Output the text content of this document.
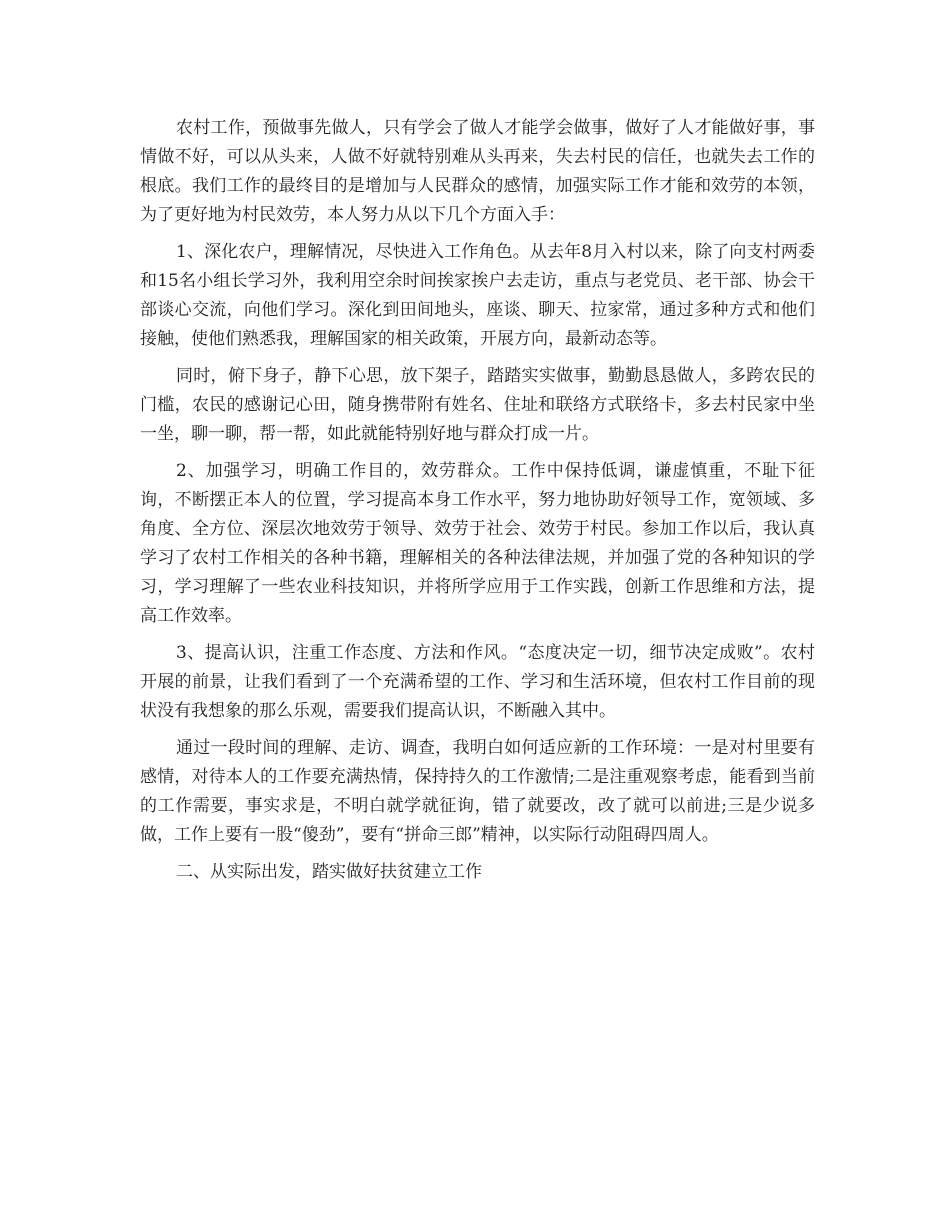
农村工作，预做事先做人，只有学会了做人才能学会做事，做好了人才能做好事，事情做不好，可以从头来，人做不好就特别难从头再来，失去村民的信任，也就失去工作的根底。我们工作的最终目的是增加与人民群众的感情，加强实际工作才能和效劳的本领，为了更好地为村民效劳，本人努力从以下几个方面入手：

1、深化农户，理解情况，尽快进入工作角色。从去年8月入村以来，除了向支村两委和15名小组长学习外，我利用空余时间挨家挨户去走访，重点与老党员、老干部、协会干部谈心交流，向他们学习。深化到田间地头，座谈、聊天、拉家常，通过多种方式和他们接触，使他们熟悉我，理解国家的相关政策，开展方向，最新动态等。

同时，俯下身子，静下心思，放下架子，踏踏实实做事，勤勤恳恳做人，多跨农民的门槛，农民的感谢记心田，随身携带附有姓名、住址和联络方式联络卡，多去村民家中坐一坐，聊一聊，帮一帮，如此就能特别好地与群众打成一片。

2、加强学习，明确工作目的，效劳群众。工作中保持低调，谦虚慎重，不耻下征询，不断摆正本人的位置，学习提高本身工作水平，努力地协助好领导工作，宽领域、多角度、全方位、深层次地效劳于领导、效劳于社会、效劳于村民。参加工作以后，我认真学习了农村工作相关的各种书籍，理解相关的各种法律法规，并加强了党的各种知识的学习，学习理解了一些农业科技知识，并将所学应用于工作实践，创新工作思维和方法，提高工作效率。

3、提高认识，注重工作态度、方法和作风。“态度决定一切，细节决定成败”。农村开展的前景，让我们看到了一个充满希望的工作、学习和生活环境，但农村工作目前的现状没有我想象的那么乐观，需要我们提高认识，不断融入其中。

通过一段时间的理解、走访、调查，我明白如何适应新的工作环境：一是对村里要有感情，对待本人的工作要充满热情，保持持久的工作激情;二是注重观察考虑，能看到当前的工作需要，事实求是，不明白就学就征询，错了就要改，改了就可以前进;三是少说多做，工作上要有一股“傻劲”，要有“拼命三郎”精神，以实际行动阻碍四周人。

二、从实际出发，踏实做好扶贫建立工作
